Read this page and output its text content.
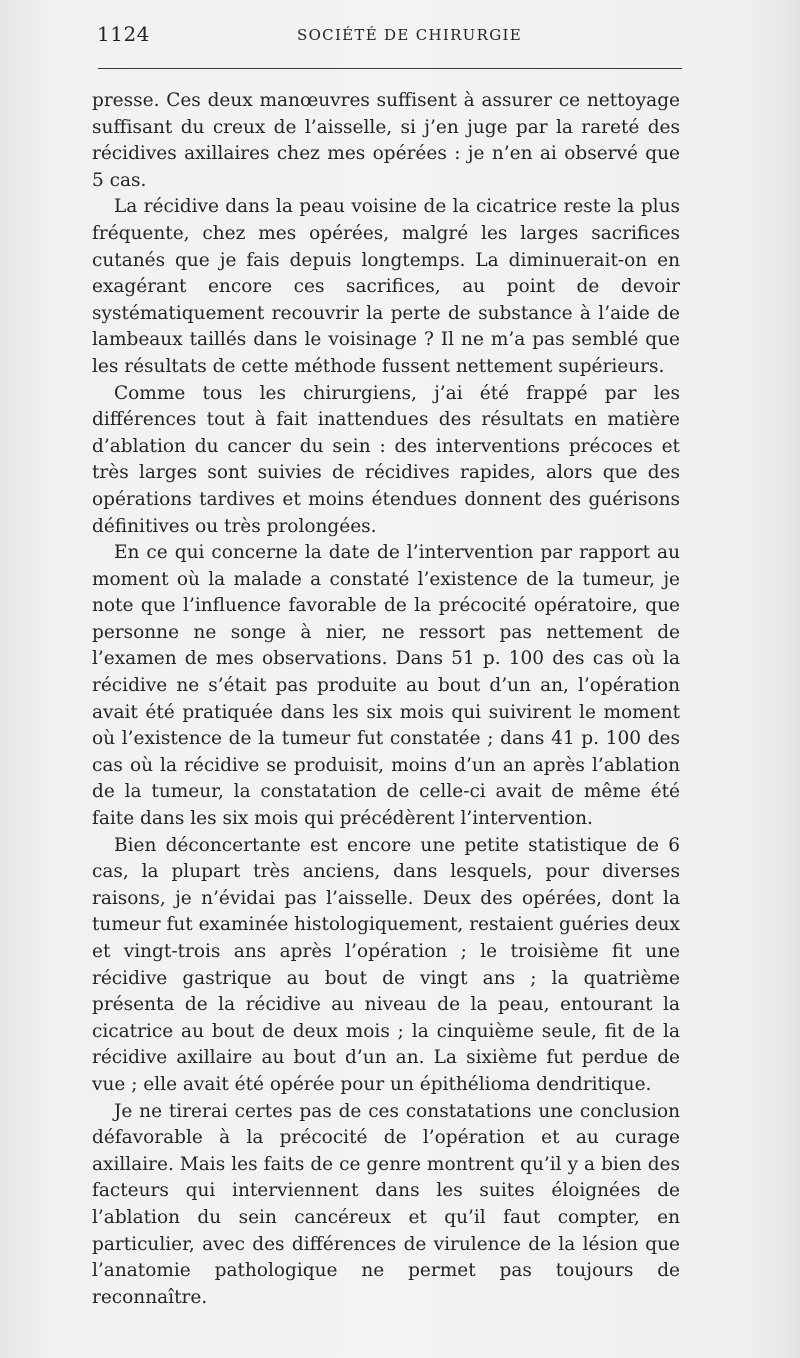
1124	SOCIÉTÉ DE CHIRURGIE

presse. Ces deux manœuvres suffisent à assurer ce nettoyage suffisant du creux de l’aisselle, si j’en juge par la rareté des récidives axillaires chez mes opérées : je n’en ai observé que 5 cas.

La récidive dans la peau voisine de la cicatrice reste la plus fréquente, chez mes opérées, malgré les larges sacrifices cutanés que je fais depuis longtemps. La diminuerait-on en exagérant encore ces sacrifices, au point de devoir systématiquement recouvrir la perte de substance à l’aide de lambeaux taillés dans le voisinage ? Il ne m’a pas semblé que les résultats de cette méthode fussent nettement supérieurs.

Comme tous les chirurgiens, j’ai été frappé par les différences tout à fait inattendues des résultats en matière d’ablation du cancer du sein : des interventions précoces et très larges sont suivies de récidives rapides, alors que des opérations tardives et moins étendues donnent des guérisons définitives ou très prolongées.

En ce qui concerne la date de l’intervention par rapport au moment où la malade a constaté l’existence de la tumeur, je note que l’influence favorable de la précocité opératoire, que personne ne songe à nier, ne ressort pas nettement de l’examen de mes observations. Dans 51 p. 100 des cas où la récidive ne s’était pas produite au bout d’un an, l’opération avait été pratiquée dans les six mois qui suivirent le moment où l’existence de la tumeur fut constatée ; dans 41 p. 100 des cas où la récidive se produisit, moins d’un an après l’ablation de la tumeur, la constatation de celle-ci avait de même été faite dans les six mois qui précédèrent l’intervention.

Bien déconcertante est encore une petite statistique de 6 cas, la plupart très anciens, dans lesquels, pour diverses raisons, je n’évidai pas l’aisselle. Deux des opérées, dont la tumeur fut examinée histologiquement, restaient guéries deux et vingt-trois ans après l’opération ; le troisième fit une récidive gastrique au bout de vingt ans ; la quatrième présenta de la récidive au niveau de la peau, entourant la cicatrice au bout de deux mois ; la cinquième seule, fit de la récidive axillaire au bout d’un an. La sixième fut perdue de vue ; elle avait été opérée pour un épithélioma dendritique.

Je ne tirerai certes pas de ces constatations une conclusion défavorable à la précocité de l’opération et au curage axillaire. Mais les faits de ce genre montrent qu’il y a bien des facteurs qui interviennent dans les suites éloignées de l’ablation du sein cancéreux et qu’il faut compter, en particulier, avec des différences de virulence de la lésion que l’anatomie pathologique ne permet pas toujours de reconnaître.
